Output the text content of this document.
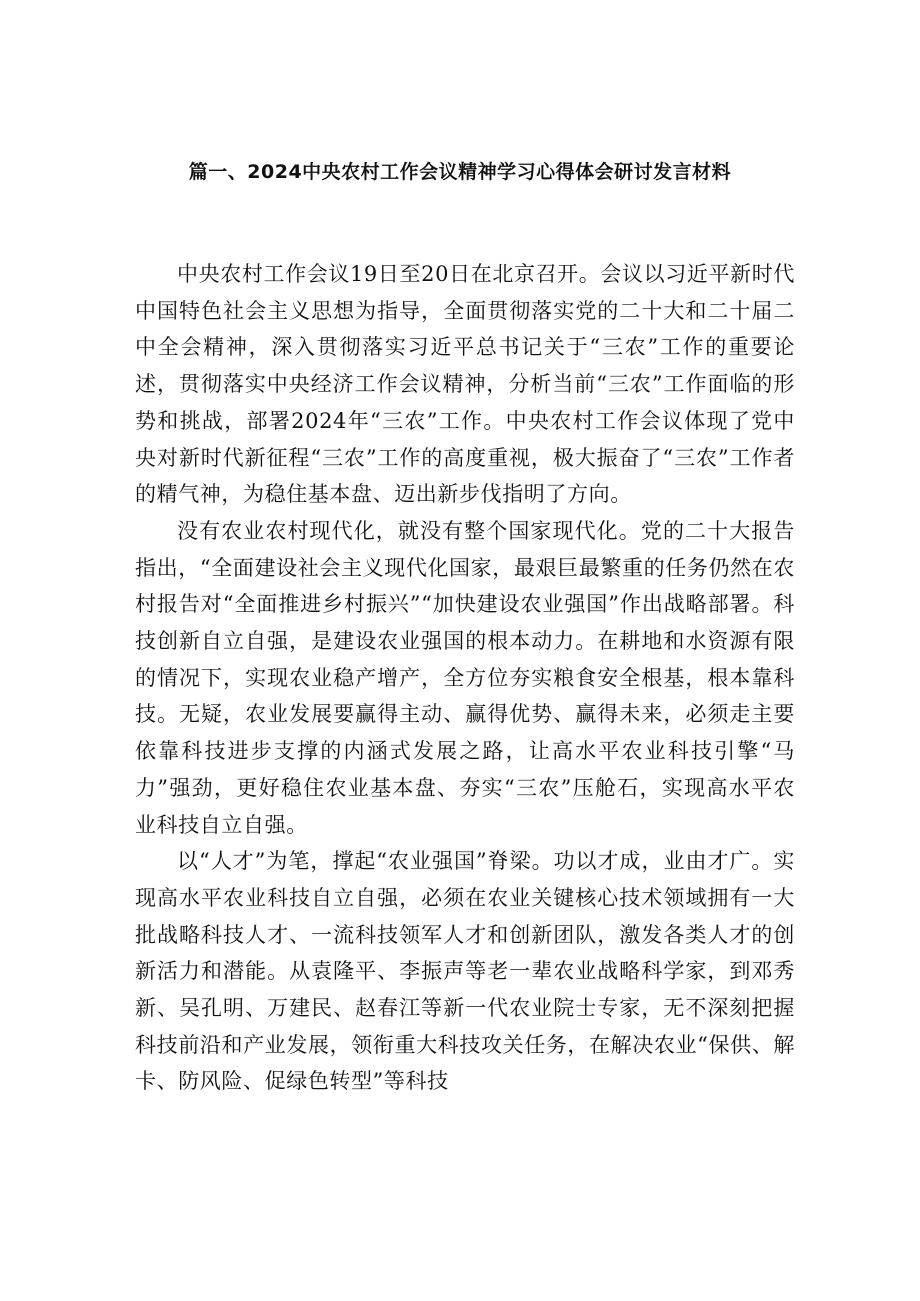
篇一、2024中央农村工作会议精神学习心得体会研讨发言材料

中央农村工作会议19日至20日在北京召开。会议以习近平新时代中国特色社会主义思想为指导，全面贯彻落实党的二十大和二十届二中全会精神，深入贯彻落实习近平总书记关于“三农”工作的重要论述，贯彻落实中央经济工作会议精神，分析当前“三农”工作面临的形势和挑战，部署2024年“三农”工作。中央农村工作会议体现了党中央对新时代新征程“三农”工作的高度重视，极大振奋了“三农”工作者的精气神，为稳住基本盘、迈出新步伐指明了方向。

没有农业农村现代化，就没有整个国家现代化。党的二十大报告指出，“全面建设社会主义现代化国家，最艰巨最繁重的任务仍然在农村报告对“全面推进乡村振兴”“加快建设农业强国”作出战略部署。科技创新自立自强，是建设农业强国的根本动力。在耕地和水资源有限的情况下，实现农业稳产增产，全方位夯实粮食安全根基，根本靠科技。无疑，农业发展要赢得主动、赢得优势、赢得未来，必须走主要依靠科技进步支撑的内涵式发展之路，让高水平农业科技引擎“马力”强劲，更好稳住农业基本盘、夯实“三农”压舱石，实现高水平农业科技自立自强。

以“人才”为笔，撑起“农业强国”脊梁。功以才成，业由才广。实现高水平农业科技自立自强，必须在农业关键核心技术领域拥有一大批战略科技人才、一流科技领军人才和创新团队，激发各类人才的创新活力和潜能。从袁隆平、李振声等老一辈农业战略科学家，到邓秀新、吴孔明、万建民、赵春江等新一代农业院士专家，无不深刻把握科技前沿和产业发展，领衔重大科技攻关任务，在解决农业“保供、解卡、防风险、促绿色转型”等科技
